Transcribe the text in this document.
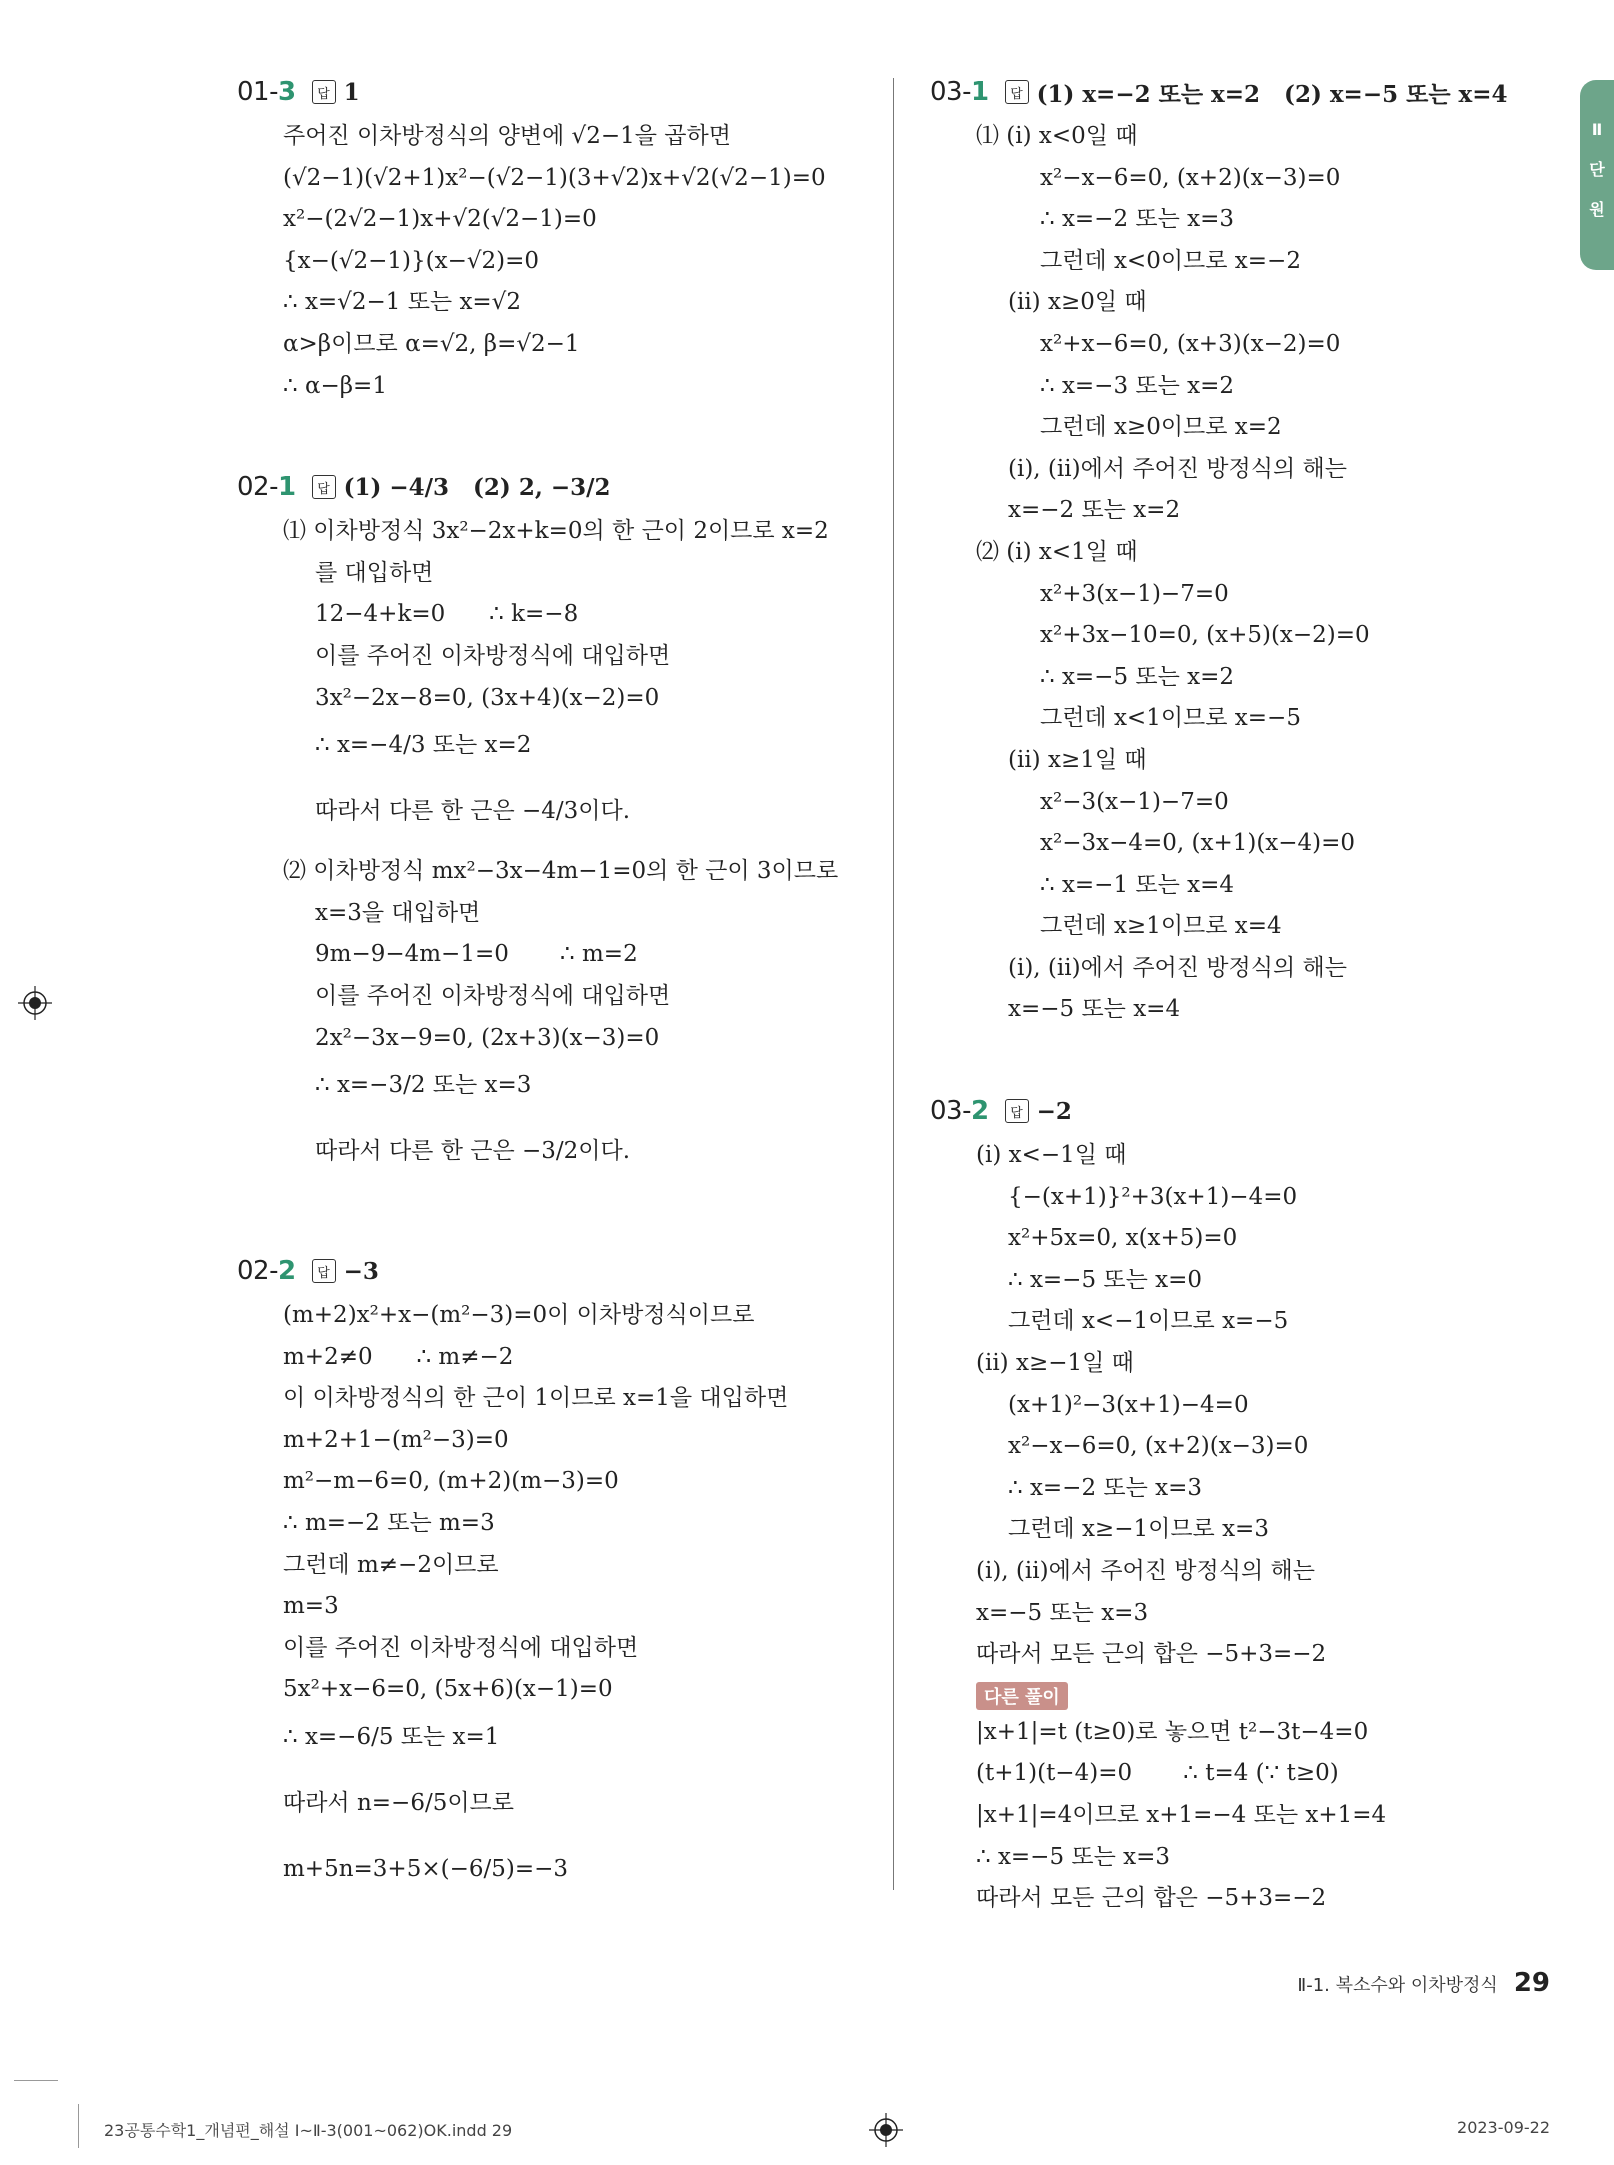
Ⅱ 단원
01-3	답 1
주어진 이차방정식의 양변에 √2−1을 곱하면
(√2−1)(√2+1)x²−(√2−1)(3+√2)x+√2(√2−1)=0
x²−(2√2−1)x+√2(√2−1)=0
{x−(√2−1)}(x−√2)=0
∴ x=√2−1 또는 x=√2
α>β이므로 α=√2, β=√2−1
∴ α−β=1
02-1	답 (1) −4/3   (2) 2, −3/2
⑴ 이차방정식 3x²−2x+k=0의 한 근이 2이므로 x=2
를 대입하면
12−4+k=0      ∴ k=−8
이를 주어진 이차방정식에 대입하면
3x²−2x−8=0, (3x+4)(x−2)=0
∴ x=−4/3 또는 x=2
따라서 다른 한 근은 −4/3이다.
⑵ 이차방정식 mx²−3x−4m−1=0의 한 근이 3이므로
x=3을 대입하면
9m−9−4m−1=0       ∴ m=2
이를 주어진 이차방정식에 대입하면
2x²−3x−9=0, (2x+3)(x−3)=0
∴ x=−3/2 또는 x=3
따라서 다른 한 근은 −3/2이다.
02-2	답 −3
(m+2)x²+x−(m²−3)=0이 이차방정식이므로
m+2≠0      ∴ m≠−2
이 이차방정식의 한 근이 1이므로 x=1을 대입하면
m+2+1−(m²−3)=0
m²−m−6=0, (m+2)(m−3)=0
∴ m=−2 또는 m=3
그런데 m≠−2이므로
m=3
이를 주어진 이차방정식에 대입하면
5x²+x−6=0, (5x+6)(x−1)=0
∴ x=−6/5 또는 x=1
따라서 n=−6/5이므로
m+5n=3+5×(−6/5)=−3
03-1	답 (1) x=−2 또는 x=2   (2) x=−5 또는 x=4
⑴ (i) x<0일 때
x²−x−6=0, (x+2)(x−3)=0
∴ x=−2 또는 x=3
그런데 x<0이므로 x=−2
(ii) x≥0일 때
x²+x−6=0, (x+3)(x−2)=0
∴ x=−3 또는 x=2
그런데 x≥0이므로 x=2
(i), (ii)에서 주어진 방정식의 해는
x=−2 또는 x=2
⑵ (i) x<1일 때
x²+3(x−1)−7=0
x²+3x−10=0, (x+5)(x−2)=0
∴ x=−5 또는 x=2
그런데 x<1이므로 x=−5
(ii) x≥1일 때
x²−3(x−1)−7=0
x²−3x−4=0, (x+1)(x−4)=0
∴ x=−1 또는 x=4
그런데 x≥1이므로 x=4
(i), (ii)에서 주어진 방정식의 해는
x=−5 또는 x=4
03-2	답 −2
(i) x<−1일 때
{−(x+1)}²+3(x+1)−4=0
x²+5x=0, x(x+5)=0
∴ x=−5 또는 x=0
그런데 x<−1이므로 x=−5
(ii) x≥−1일 때
(x+1)²−3(x+1)−4=0
x²−x−6=0, (x+2)(x−3)=0
∴ x=−2 또는 x=3
그런데 x≥−1이므로 x=3
(i), (ii)에서 주어진 방정식의 해는
x=−5 또는 x=3
따라서 모든 근의 합은 −5+3=−2
다른 풀이
|x+1|=t (t≥0)로 놓으면 t²−3t−4=0
(t+1)(t−4)=0       ∴ t=4 (∵ t≥0)
|x+1|=4이므로 x+1=−4 또는 x+1=4
∴ x=−5 또는 x=3
따라서 모든 근의 합은 −5+3=−2
Ⅱ-1. 복소수와 이차방정식 29
23공통수학1_개념편_해설 Ⅰ~Ⅱ-3(001~062)OK.indd 29	2023-09-22
